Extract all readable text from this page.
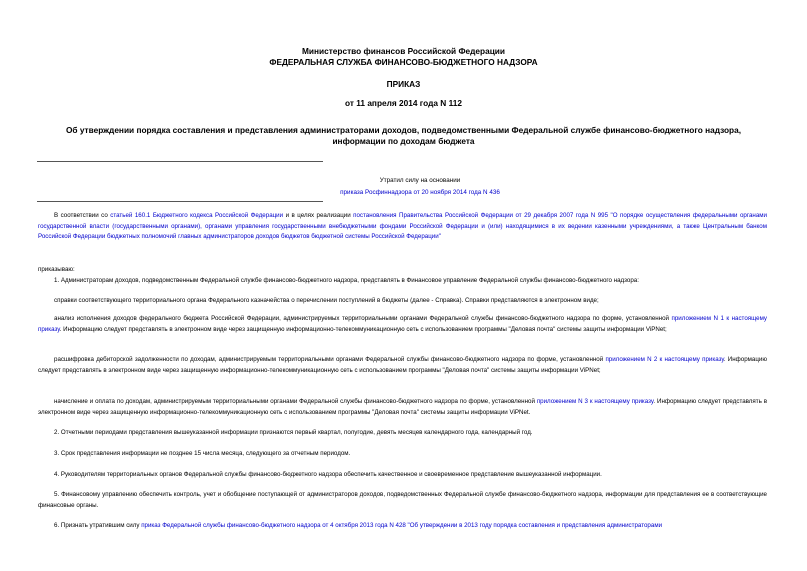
Министерство финансов Российской Федерации
ФЕДЕРАЛЬНАЯ СЛУЖБА ФИНАНСОВО-БЮДЖЕТНОГО НАДЗОРА
ПРИКАЗ
от 11 апреля 2014 года N 112
Об утверждении порядка составления и представления администраторами доходов, подведомственными Федеральной службе финансово-бюджетного надзора,
информации по доходам бюджета
Утратил силу на основании
приказа Росфиннадзора от 20 ноября 2014 года N 436
В соответствии со статьей 160.1 Бюджетного кодекса Российской Федерации и в целях реализации постановления Правительства Российской Федерации от 29 декабря 2007 года N 995 "О порядке осуществления федеральными органами государственной власти (государственными органами), органами управления государственными внебюджетными фондами Российской Федерации и (или) находящимися в их ведении казенными учреждениями, а также Центральным банком Российской Федерации бюджетных полномочий главных администраторов доходов бюджетов бюджетной системы Российской Федерации"
приказываю:
1. Администраторам доходов, подведомственным Федеральной службе финансово-бюджетного надзора, представлять в Финансовое управление Федеральной службы финансово-бюджетного надзора:
справки соответствующего территориального органа Федерального казначейства о перечислении поступлений в бюджеты (далее - Справка). Справки представляются в электронном виде;
анализ исполнения доходов федерального бюджета Российской Федерации, администрируемых территориальными органами Федеральной службы финансово-бюджетного надзора по форме, установленной приложением N 1 к настоящему приказу. Информацию следует представлять в электронном виде через защищенную информационно-телекоммуникационную сеть с использованием программы "Деловая почта" системы защиты информации ViPNet;
расшифровка дебиторской задолженности по доходам, администрируемым территориальными органами Федеральной службы финансово-бюджетного надзора по форме, установленной приложением N 2 к настоящему приказу. Информацию следует представлять в электронном виде через защищенную информационно-телекоммуникационную сеть с использованием программы "Деловая почта" системы защиты информации ViPNet;
начисление и оплата по доходам, администрируемым территориальными органами Федеральной службы финансово-бюджетного надзора по форме, установленной приложением N 3 к настоящему приказу. Информацию следует представлять в электронном виде через защищенную информационно-телекоммуникационную сеть с использованием программы "Деловая почта" системы защиты информации ViPNet.
2. Отчетными периодами представления вышеуказанной информации признаются первый квартал, полугодие, девять месяцев календарного года, календарный год.
3. Срок представления информации не позднее 15 числа месяца, следующего за отчетным периодом.
4. Руководителям территориальных органов Федеральной службы финансово-бюджетного надзора обеспечить качественное и своевременное представление вышеуказанной информации.
5. Финансовому управлению обеспечить контроль, учет и обобщение поступающей от администраторов доходов, подведомственных Федеральной службе финансово-бюджетного надзора, информации для представления ее в соответствующие финансовые органы.
6. Признать утратившим силу приказ Федеральной службы финансово-бюджетного надзора от 4 октября 2013 года N 428 "Об утверждении в 2013 году порядка составления и представления администраторами
